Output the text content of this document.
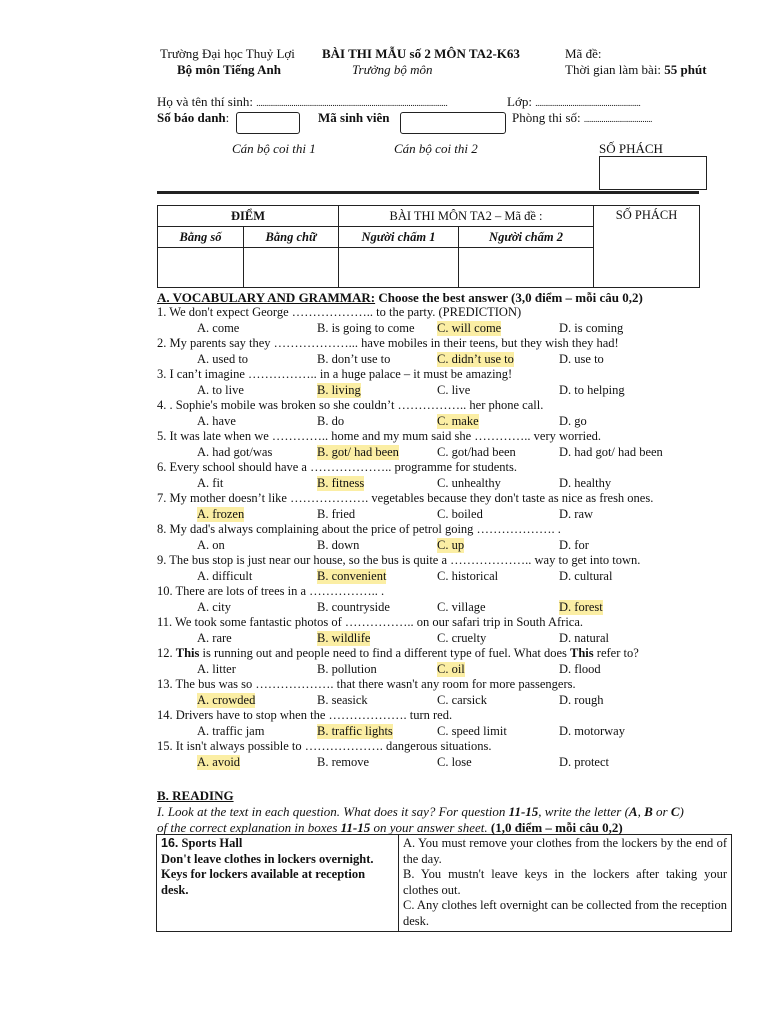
Trường Đại học Thuỷ Lợi
Bộ môn Tiếng Anh
BÀI THI MẪU số 2 MÔN TA2-K63
Trưởng bộ môn
Mã đề:
Thời gian làm bài: 55 phút
Họ và tên thí sinh: ..................................................................................................	Lớp: ......................................................
Số báo danh:	Mã sinh viên	Phòng thi số: ...................................
Cán bộ coi thi 1	Cán bộ coi thi 2	SỐ PHÁCH
ĐIỂM		BÀI THI MÔN TA2 – Mã đề :		SỐ PHÁCH
Bằng số	Bằng chữ	Người chấm 1	Người chấm 2	

A. VOCABULARY AND GRAMMAR: Choose the best answer (3,0 điểm – mỗi câu 0,2)
1. We don't expect George ……………….. to the party. (PREDICTION)
A. come	B. is going to come C. will come	D. is coming
2. My parents say they ………………... have mobiles in their teens, but they wish they had!
A. used to	B. don’t use to	C. didn’t use to	D. use to
3. I can’t imagine …………….. in a huge palace – it must be amazing!
A. to live	B. living	C. live	D. to helping
4. . Sophie's mobile was broken so she couldn’t …………….. her phone call.
A. have	B. do	C. make	D. go
5. It was late when we ………….. home and my mum said she ………….. very worried.
A. had got/was	B. got/ had been	C. got/had been	D. had got/ had been
6. Every school should have a ……………….. programme for students.
A. fit	B. fitness	C. unhealthy	D. healthy
7. My mother doesn’t like ………………. vegetables because they don't taste as nice as fresh ones.
A. frozen	B. fried	C. boiled	D. raw
8. My dad's always complaining about the price of petrol going ………………. .
A. on	B. down	C. up	D. for
9. The bus stop is just near our house, so the bus is quite a ……………….. way to get into town.
A. difficult	B. convenient	C. historical	D. cultural
10. There are lots of trees in a …………….. .
A. city	B. countryside	C. village	D. forest
11. We took some fantastic photos of …………….. on our safari trip in South Africa.
A. rare	B. wildlife	C. cruelty	D. natural
12. This is running out and people need to find a different type of fuel. What does This refer to?
A. litter	B. pollution	C. oil	D. flood
13. The bus was so ………………. that there wasn't any room for more passengers.
A. crowded	B. seasick	C. carsick	D. rough
14. Drivers have to stop when the ………………. turn red.
A. traffic jam	B. traffic lights	C. speed limit	D. motorway
15. It isn't always possible to ………………. dangerous situations.
A. avoid	B. remove	C. lose	D. protect
B. READING
I. Look at the text in each question. What does it say? For question 11-15, write the letter (A, B or C)
of the correct explanation in boxes 11-15 on your answer sheet. (1,0 điểm – mỗi câu 0,2)
16. Sports Hall
Don't leave clothes in lockers overnight.
Keys for lockers available at reception
desk.

A. You must remove your clothes from the lockers by the end of the day.
B. You mustn't leave keys in the lockers after taking your clothes out.
C. Any clothes left overnight can be collected from the reception desk.
